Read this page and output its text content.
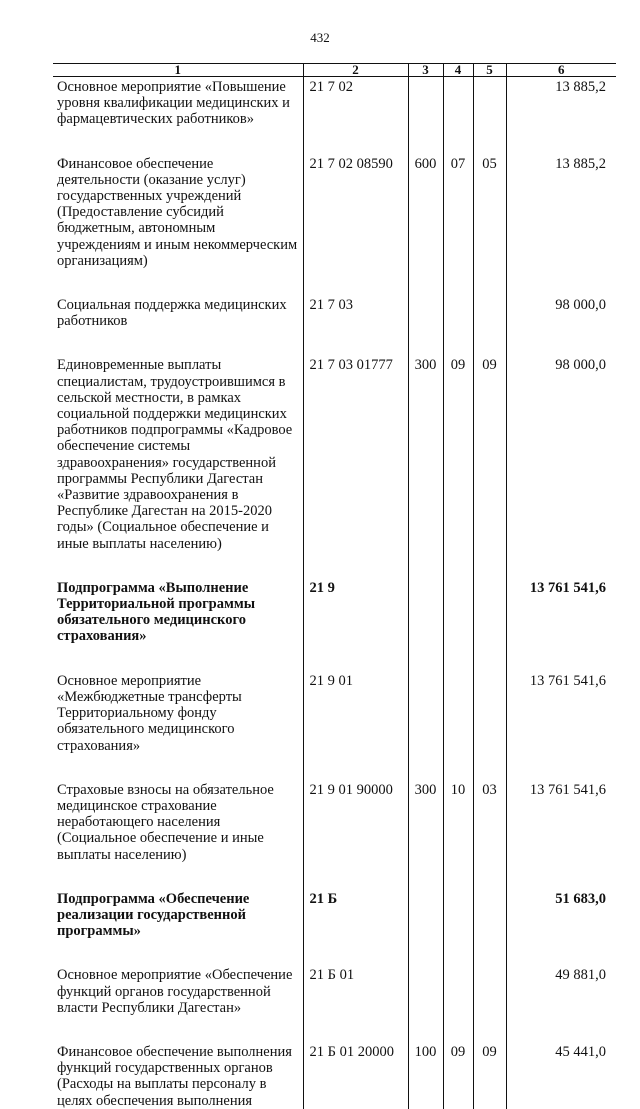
432
1	2	3	4	5	6
Основное мероприятие «Повышение уровня квалификации медицинских и фармацевтических работников»	21 7 02				13 885,2
Финансовое обеспечение деятельности (оказание услуг) государственных учреждений (Предоставление субсидий бюджетным, автономным учреждениям и иным некоммерческим организациям)	21 7 02 08590	600	07	05	13 885,2
Социальная поддержка медицинских работников	21 7 03				98 000,0
Единовременные выплаты специалистам, трудоустроившимся в сельской местности, в рамках социальной поддержки медицинских работников подпрограммы «Кадровое обеспечение системы здравоохранения» государственной программы Республики Дагестан «Развитие здравоохранения в Республике Дагестан на 2015-2020 годы» (Социальное обеспечение и иные выплаты населению)	21 7 03 01777	300	09	09	98 000,0
Подпрограмма «Выполнение Территориальной программы обязательного медицинского страхования»	21 9				13 761 541,6
Основное мероприятие «Межбюджетные трансферты Территориальному фонду обязательного медицинского страхования»	21 9 01				13 761 541,6
Страховые взносы на обязательное медицинское страхование неработающего населения (Социальное обеспечение и иные выплаты населению)	21 9 01 90000	300	10	03	13 761 541,6
Подпрограмма «Обеспечение реализации государственной программы»	21 Б				51 683,0
Основное мероприятие «Обеспечение функций органов государственной власти Республики Дагестан»	21 Б 01				49 881,0
Финансовое обеспечение выполнения функций государственных органов (Расходы на выплаты персоналу в целях обеспечения выполнения	21 Б 01 20000	100	09	09	45 441,0
